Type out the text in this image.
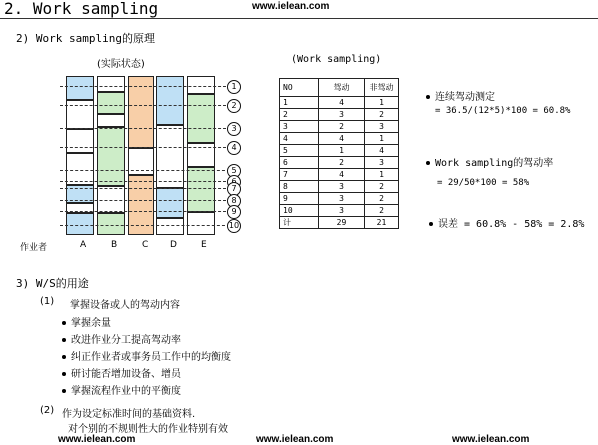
www.ielean.com
2. Work sampling
2) Work sampling的原理
(实际状态)
1
2
3
4
5
7
8
9
10
作业者	A	B	C D	E
(Work sampling)
NO	驾动	非驾动
1	4	1
2	3	2
3	2	3
4	4	1
5	1	4
6	2	3
7	4	1
8	3	2
9	3	2
10	3	2
计	29	21
连续驾动测定
= 36.5/(12*5)*100 = 60.8%
Work sampling的驾动率
= 29/50*100 = 58%
误差 = 60.8% - 58% = 2.8%
3) W/S的用途
(1) 掌握设备或人的驾动内容
掌握余量
改进作业分工提高驾动率
纠正作业者或事务员工作中的均衡度
研讨能否增加设备、增员
掌握流程作业中的平衡度
(2) 作为设定标准时间的基础资料.
对个别的不规则性大的作业特别有效
www.ielean.com	www.ielean.com	www.ielean.com
